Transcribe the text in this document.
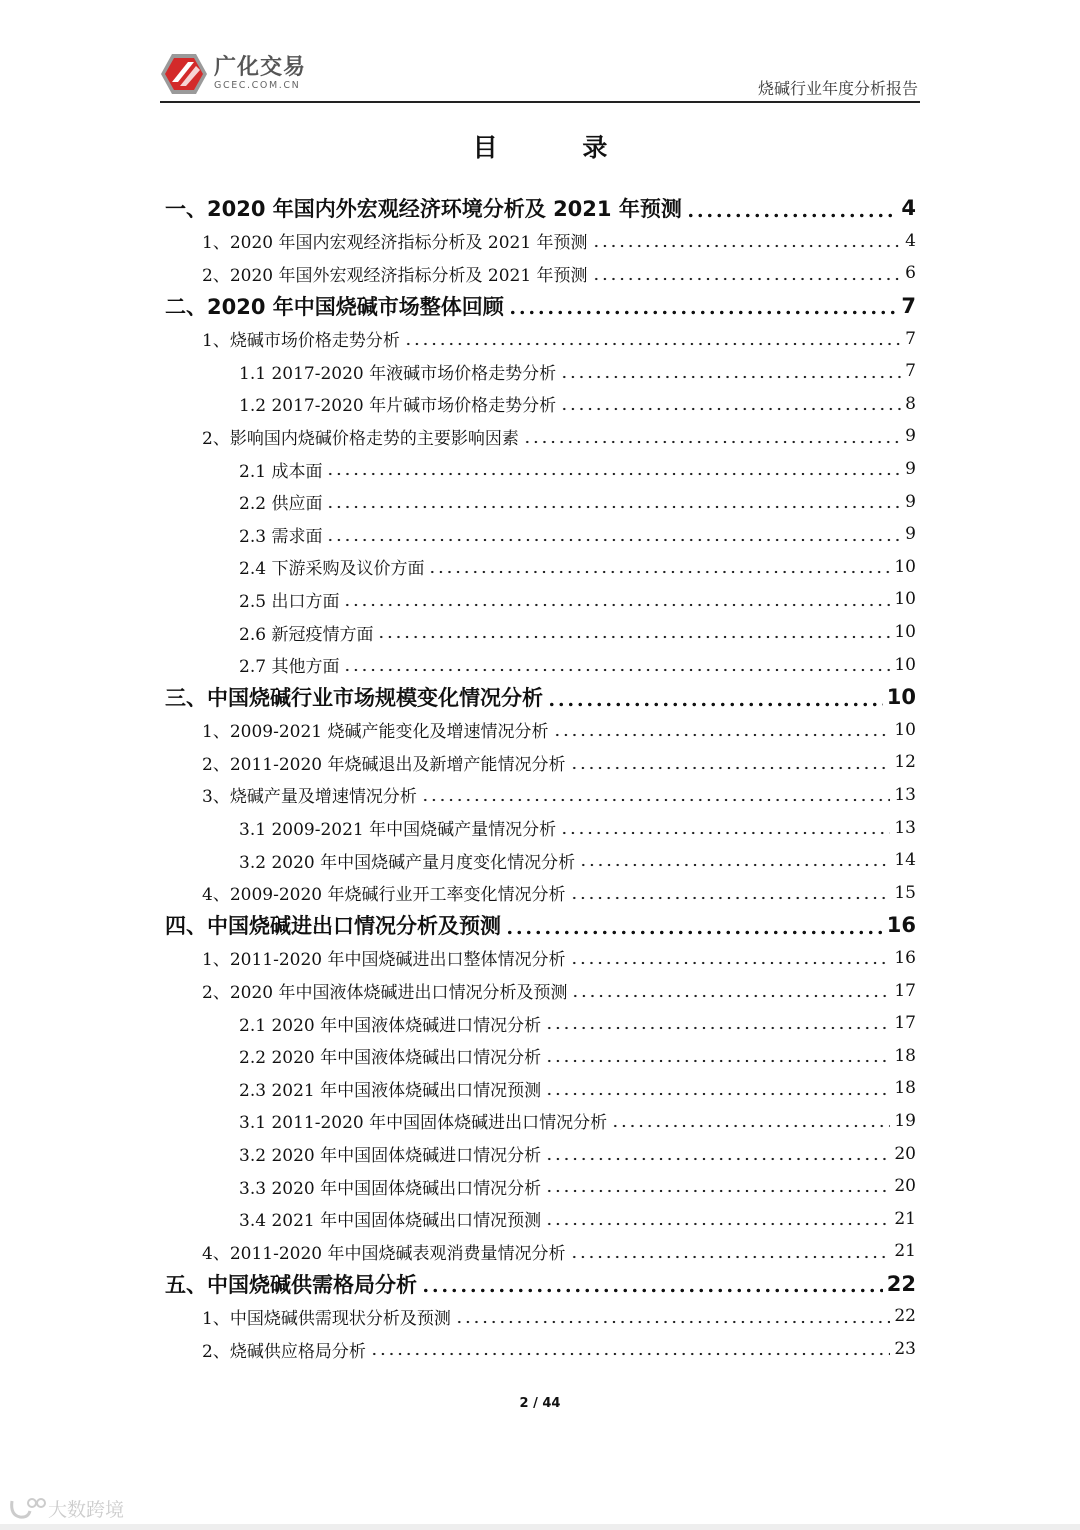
广化交易
GCEC.COM.CN	烧碱行业年度分析报告
目 录
一、2020 年国内外宏观经济环境分析及 2021 年预测	4
1、2020 年国内宏观经济指标分析及 2021 年预测	4
2、2020 年国外宏观经济指标分析及 2021 年预测	6
二、2020 年中国烧碱市场整体回顾	7
1、烧碱市场价格走势分析	7
1.1 2017-2020 年液碱市场价格走势分析	7
1.2 2017-2020 年片碱市场价格走势分析	8
2、影响国内烧碱价格走势的主要影响因素	9
2.1 成本面	9
2.2 供应面	9
2.3 需求面	9
2.4 下游采购及议价方面	10
2.5 出口方面	10
2.6 新冠疫情方面	10
2.7 其他方面	10
三、中国烧碱行业市场规模变化情况分析	10
1、2009-2021 烧碱产能变化及增速情况分析	10
2、2011-2020 年烧碱退出及新增产能情况分析	12
3、烧碱产量及增速情况分析	13
3.1 2009-2021 年中国烧碱产量情况分析	13
3.2 2020 年中国烧碱产量月度变化情况分析	14
4、2009-2020 年烧碱行业开工率变化情况分析	15
四、中国烧碱进出口情况分析及预测	16
1、2011-2020 年中国烧碱进出口整体情况分析	16
2、2020 年中国液体烧碱进出口情况分析及预测	17
2.1 2020 年中国液体烧碱进口情况分析	17
2.2 2020 年中国液体烧碱出口情况分析	18
2.3 2021 年中国液体烧碱出口情况预测	18
3.1 2011-2020 年中国固体烧碱进出口情况分析	19
3.2 2020 年中国固体烧碱进口情况分析	20
3.3 2020 年中国固体烧碱出口情况分析	20
3.4 2021 年中国固体烧碱出口情况预测	21
4、2011-2020 年中国烧碱表观消费量情况分析	21
五、中国烧碱供需格局分析	22
1、中国烧碱供需现状分析及预测	22
2、烧碱供应格局分析	23
2 / 44
大数跨境
